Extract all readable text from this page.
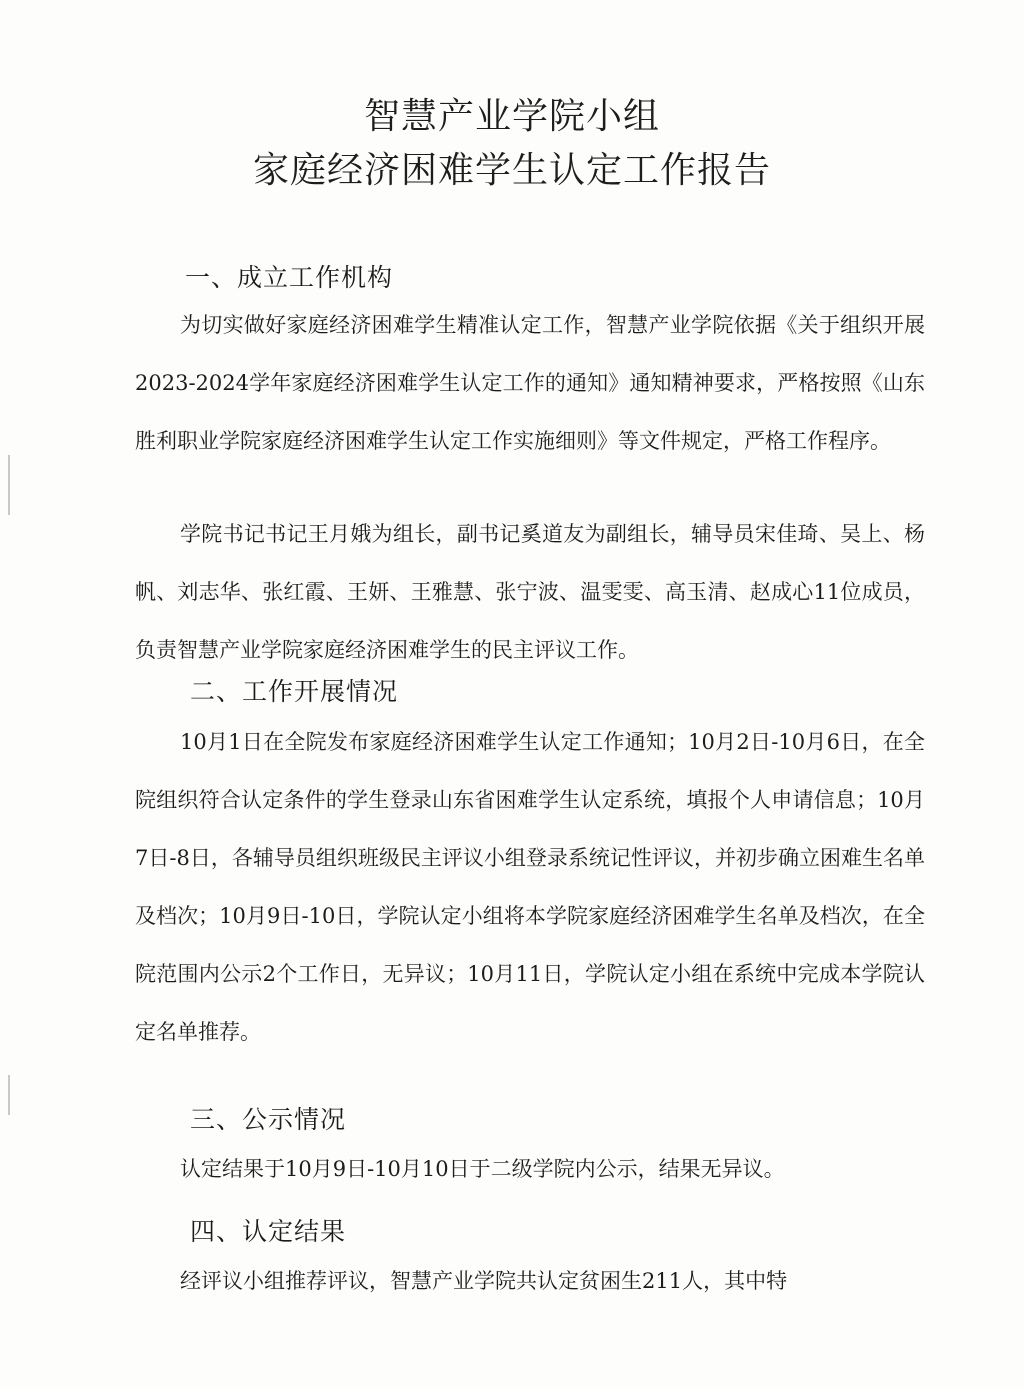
智慧产业学院小组
家庭经济困难学生认定工作报告
一、成立工作机构
为切实做好家庭经济困难学生精准认定工作，智慧产业学院依据《关于组织开展2023-2024学年家庭经济困难学生认定工作的通知》通知精神要求，严格按照《山东胜利职业学院家庭经济困难学生认定工作实施细则》等文件规定，严格工作程序。
学院书记书记王月娥为组长，副书记奚道友为副组长，辅导员宋佳琦、吴上、杨帆、刘志华、张红霞、王妍、王雅慧、张宁波、温雯雯、高玉清、赵成心11位成员，负责智慧产业学院家庭经济困难学生的民主评议工作。
二、工作开展情况
10月1日在全院发布家庭经济困难学生认定工作通知；10月2日-10月6日，在全院组织符合认定条件的学生登录山东省困难学生认定系统，填报个人申请信息；10月7日-8日，各辅导员组织班级民主评议小组登录系统记性评议，并初步确立困难生名单及档次；10月9日-10日，学院认定小组将本学院家庭经济困难学生名单及档次，在全院范围内公示2个工作日，无异议；10月11日，学院认定小组在系统中完成本学院认定名单推荐。
三、公示情况
认定结果于10月9日-10月10日于二级学院内公示，结果无异议。
四、认定结果
经评议小组推荐评议，智慧产业学院共认定贫困生211人，其中特
